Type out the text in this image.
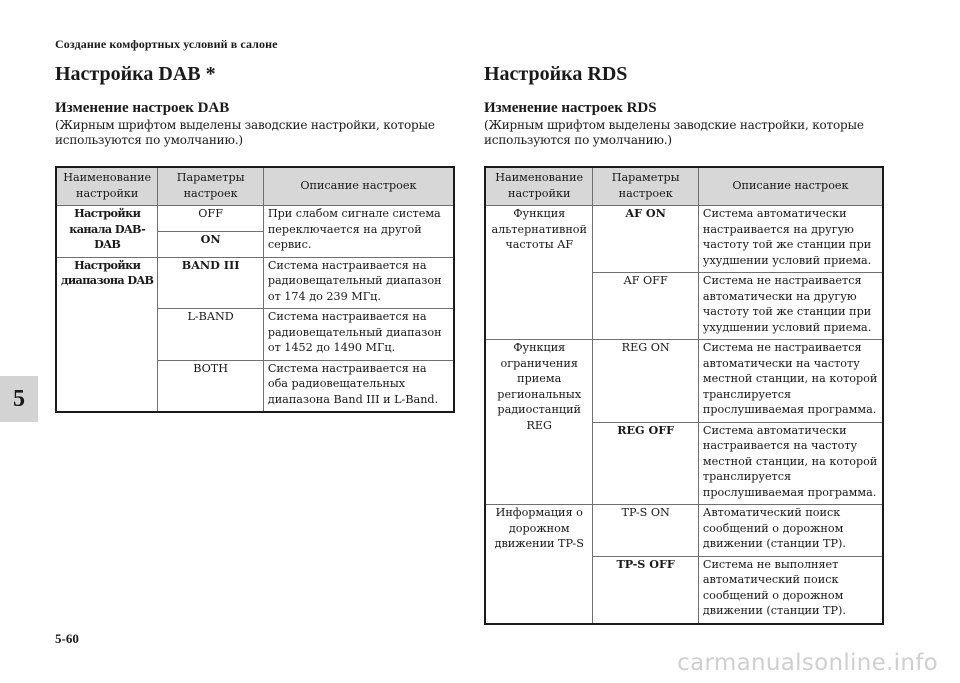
Создание комфортных условий в салоне
5
Настройка DAB *
Изменение настроек DAB

(Жирным шрифтом выделены заводские настройки, которые используются по умолчанию.)

Наименование настройки	Параметры настроек	Описание настроек
Настройки канала DAB-DAB	OFF	При слабом сигнале система переключается на другой сервис.
	ON	
Настройки диапазона DAB	BAND III	Система настраивается на радиовещательный диапазон от 174 до 239 МГц.
	L-BAND	Система настраивается на радиовещательный диапазон от 1452 до 1490 МГц.
	BOTH	Система настраивается на оба радиовещательных диапазона Band III и L-Band.
Настройка RDS
Изменение настроек RDS

(Жирным шрифтом выделены заводские настройки, которые используются по умолчанию.)

Наименование настройки	Параметры настроек	Описание настроек
Функция альтернативной частоты AF	AF ON	Система автоматически настраивается на другую частоту той же станции при ухудшении условий приема.
	AF OFF	Система не настраивается автоматически на другую частоту той же станции при ухудшении условий приема.
Функция ограничения приема региональных радиостанций REG	REG ON	Система не настраивается автоматически на частоту местной станции, на которой транслируется прослушиваемая программа.
	REG OFF	Система автоматически настраивается на частоту местной станции, на которой транслируется прослушиваемая программа.
Информация о дорожном движении TP-S	TP-S ON	Автоматический поиск сообщений о дорожном движении (станции TP).
	TP-S OFF	Система не выполняет автоматический поиск сообщений о дорожном движении (станции TP).
5-60
carmanualsonline.info
